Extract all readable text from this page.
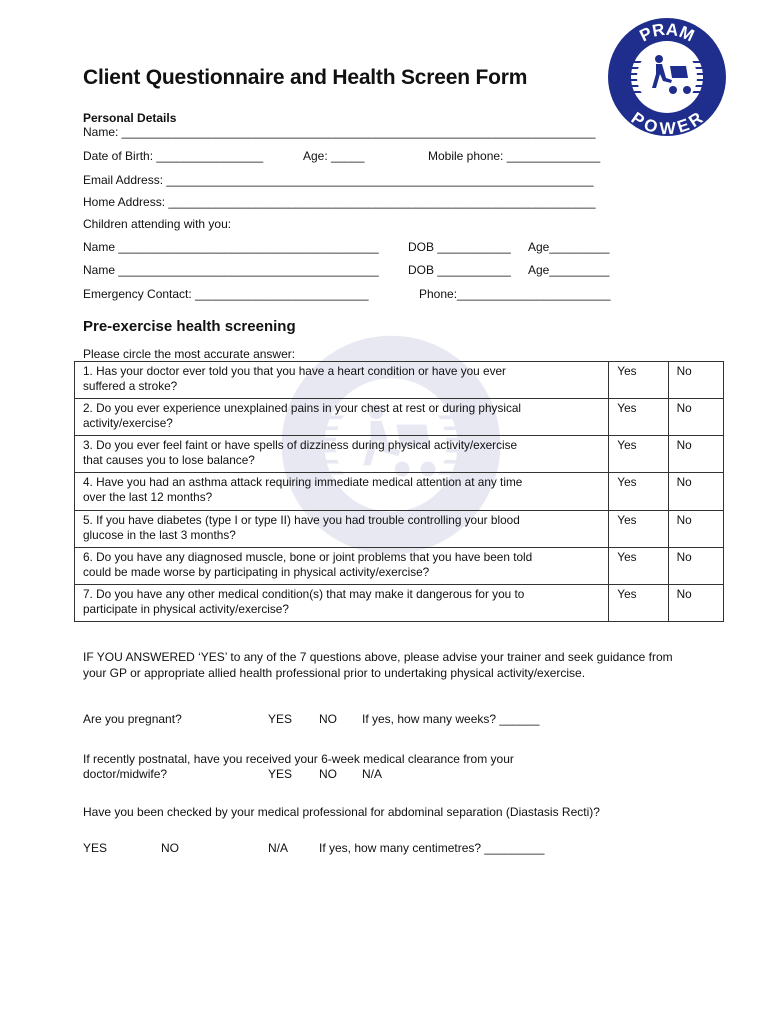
PRAM
POWER
Client Questionnaire and Health Screen Form
Personal Details
Name: _______________________________________________________________________
Date of Birth: ________________	Age: _____	Mobile phone: ______________
Email Address: ________________________________________________________________
Home Address: ________________________________________________________________
Children attending with you:
Name _______________________________________ DOB ___________ Age_________
Name _______________________________________ DOB ___________ Age_________
Emergency Contact: __________________________	Phone:_______________________
Pre-exercise health screening
Please circle the most accurate answer:
1. Has your doctor ever told you that you have a heart condition or have you ever
suffered a stroke?	Yes	No
2. Do you ever experience unexplained pains in your chest at rest or during physical
activity/exercise?	Yes	No
3. Do you ever feel faint or have spells of dizziness during physical activity/exercise
that causes you to lose balance?	Yes	No
4. Have you had an asthma attack requiring immediate medical attention at any time
over the last 12 months?	Yes	No
5. If you have diabetes (type I or type II) have you had trouble controlling your blood
glucose in the last 3 months?	Yes	No
6. Do you have any diagnosed muscle, bone or joint problems that you have been told
could be made worse by participating in physical activity/exercise?	Yes	No
7. Do you have any other medical condition(s) that may make it dangerous for you to
participate in physical activity/exercise?	Yes	No
IF YOU ANSWERED ‘YES’ to any of the 7 questions above, please advise your trainer and seek guidance from your GP or appropriate allied health professional prior to undertaking physical activity/exercise.
Are you pregnant?	YES NO If yes, how many weeks? ______
If recently postnatal, have you received your 6-week medical clearance from your
doctor/midwife?	YES NO N/A
Have you been checked by your medical professional for abdominal separation (Diastasis Recti)?
YES	NO	N/A	If yes, how many centimetres? _________
